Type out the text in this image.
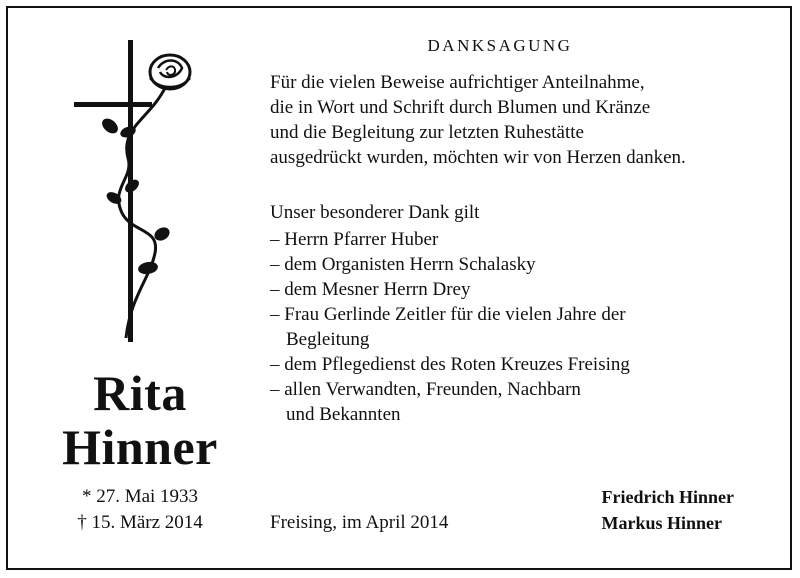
Rita
Hinner
* 27. Mai 1933
† 15. März 2014
DANKSAGUNG
Für die vielen Beweise aufrichtiger Anteilnahme,
die in Wort und Schrift durch Blumen und Kränze
und die Begleitung zur letzten Ruhestätte
ausgedrückt wurden, möchten wir von Herzen danken.
Unser besonderer Dank gilt
– Herrn Pfarrer Huber
– dem Organisten Herrn Schalasky
– dem Mesner Herrn Drey
– Frau Gerlinde Zeitler für die vielen Jahre der
Begleitung
– dem Pflegedienst des Roten Kreuzes Freising
– allen Verwandten, Freunden, Nachbarn
und Bekannten
Freising, im April 2014
Friedrich Hinner
Markus Hinner
